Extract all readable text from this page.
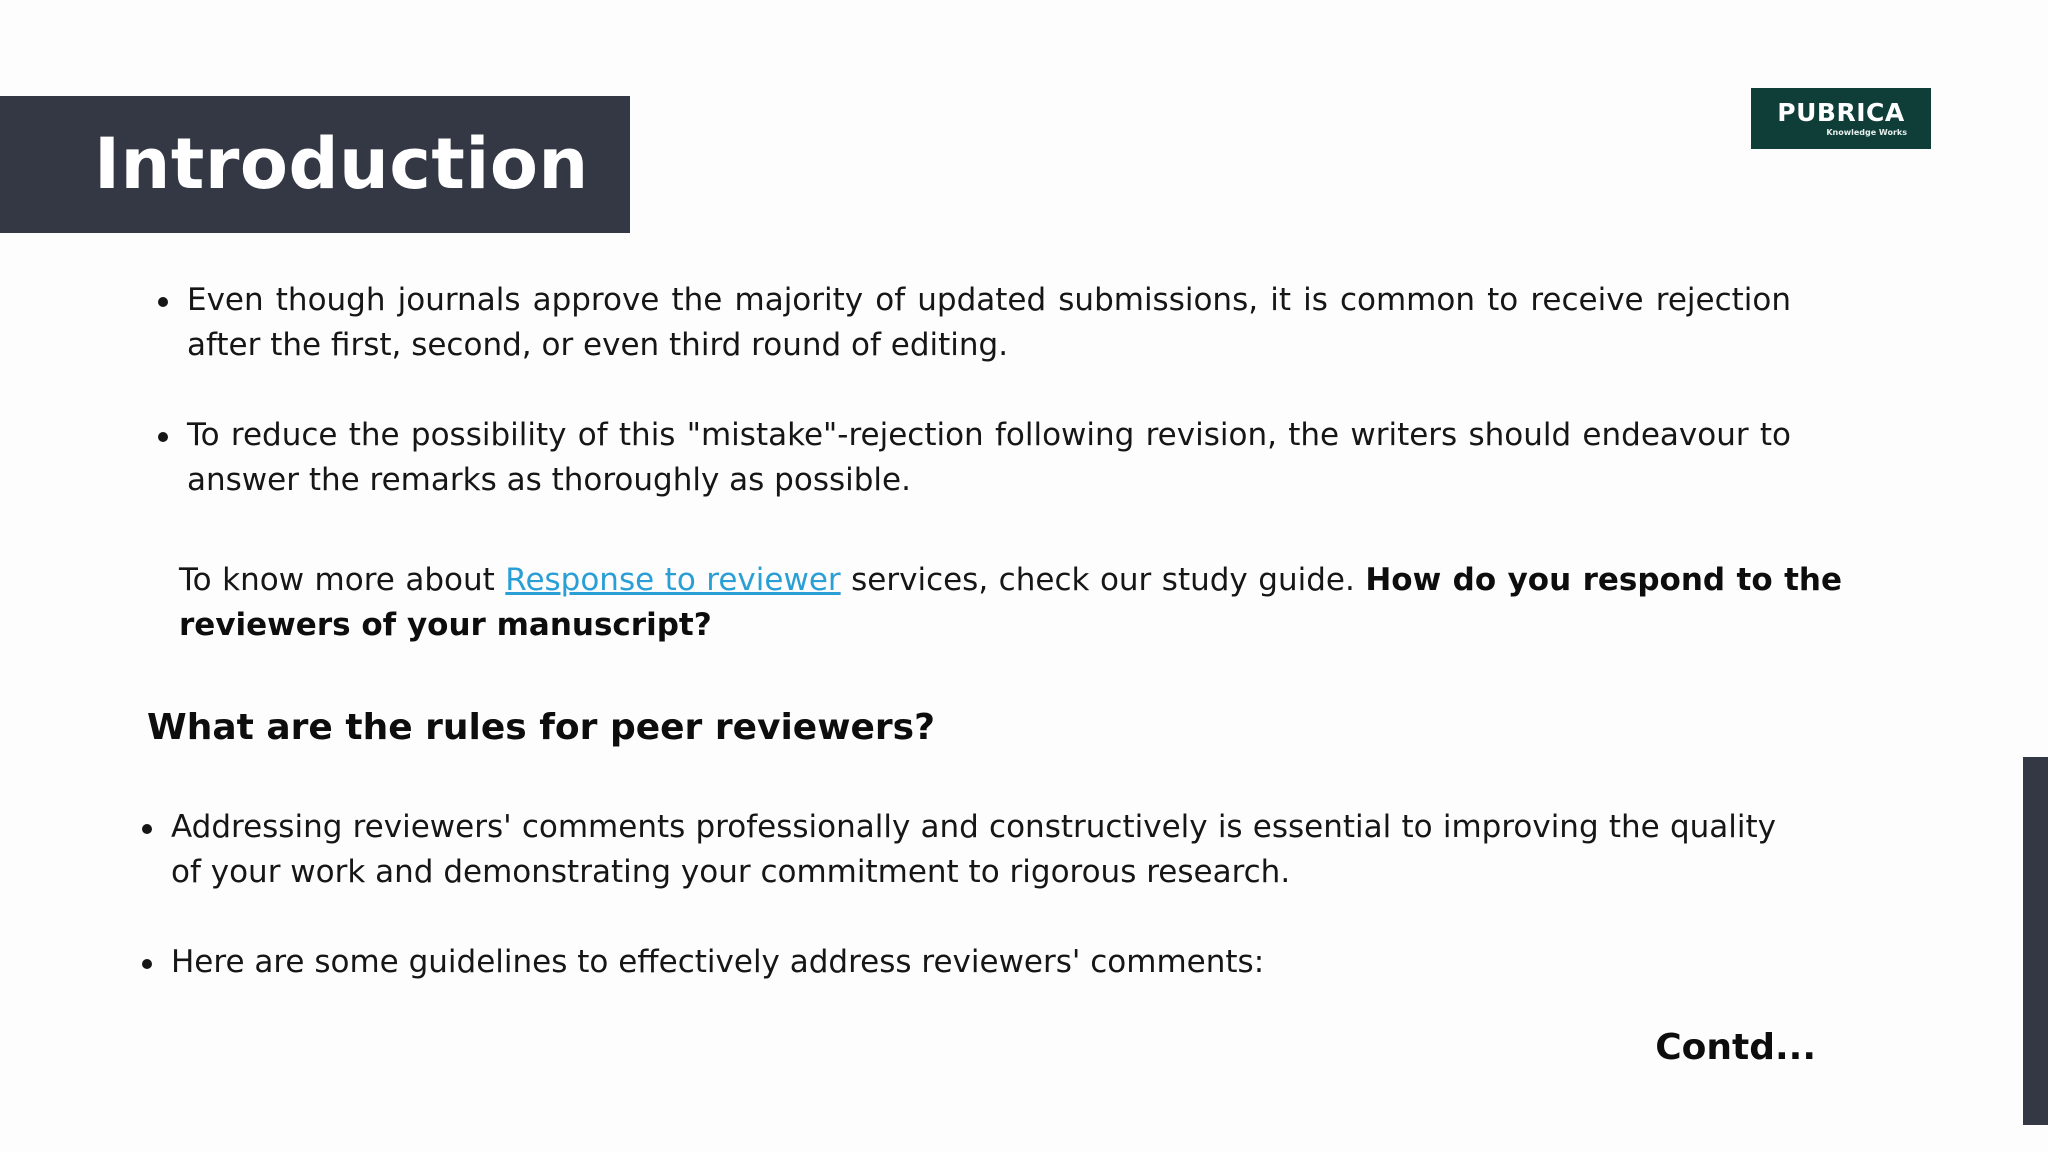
Introduction
PUBRICA
Knowledge Works
Even though journals approve the majority of updated submissions, it is common to receive rejection after the first, second, or even third round of editing.
To reduce the possibility of this "mistake"-rejection following revision, the writers should endeavour to answer the remarks as thoroughly as possible.
To know more about Response to reviewer services, check our study guide. How do you respond to the reviewers of your manuscript?
What are the rules for peer reviewers?
Addressing reviewers' comments professionally and constructively is essential to improving the quality of your work and demonstrating your commitment to rigorous research.
Here are some guidelines to effectively address reviewers' comments:
Contd...
